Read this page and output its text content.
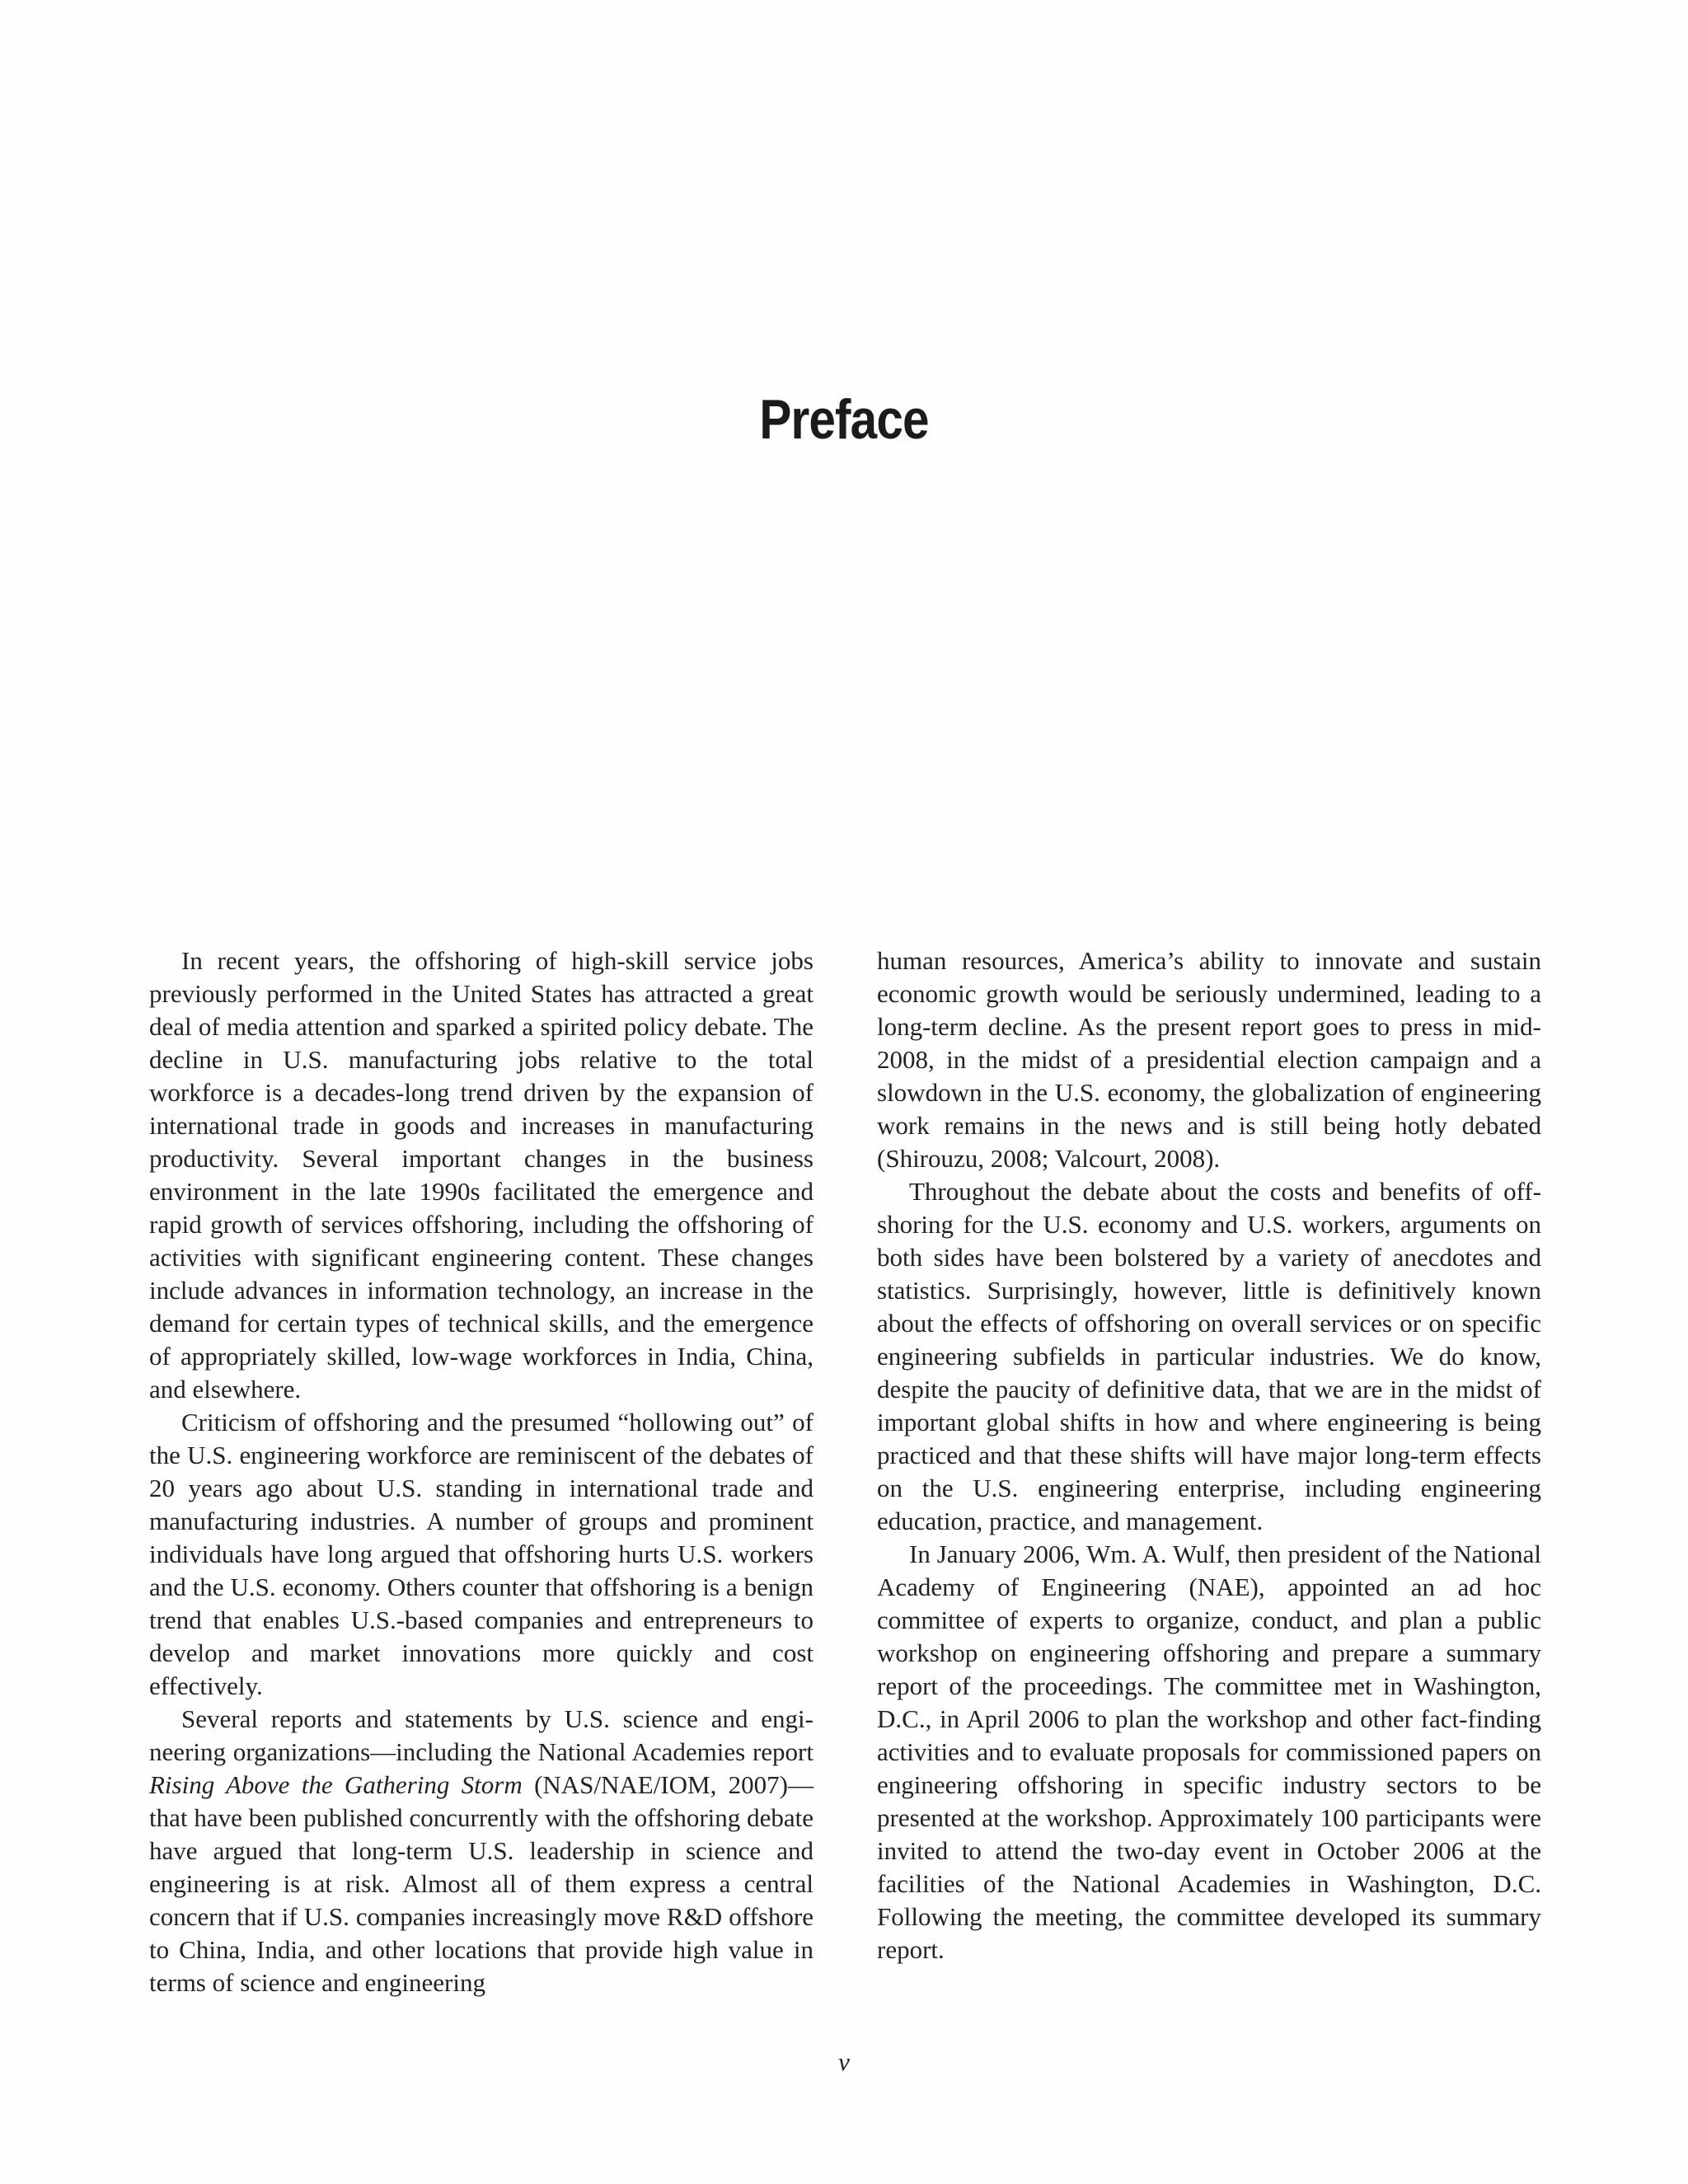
Preface

In recent years, the offshoring of high-skill service jobs previously performed in the United States has attracted a great deal of media attention and sparked a spirited policy debate. The decline in U.S. manufacturing jobs relative to the total workforce is a decades-long trend driven by the expansion of international trade in goods and increases in manufacturing productivity. Several important changes in the business environment in the late 1990s facilitated the emergence and rapid growth of services offshoring, including the offshoring of activities with significant engineering content. These changes include advances in information technology, an increase in the demand for certain types of technical skills, and the emergence of appropriately skilled, low-wage workforces in India, China, and elsewhere.

Criticism of offshoring and the presumed “hollowing out” of the U.S. engineering workforce are reminiscent of the debates of 20 years ago about U.S. standing in international trade and manufacturing industries. A number of groups and prominent individuals have long argued that offshoring hurts U.S. workers and the U.S. economy. Others counter that offshoring is a benign trend that enables U.S.-based companies and entrepreneurs to develop and market innovations more quickly and cost effectively.

Several reports and statements by U.S. science and engineering organizations—including the National Academies report Rising Above the Gathering Storm (NAS/NAE/IOM, 2007)—that have been published concurrently with the offshoring debate have argued that long-term U.S. leadership in science and engineering is at risk. Almost all of them express a central concern that if U.S. companies increasingly move R&D offshore to China, India, and other locations that provide high value in terms of science and engineering

human resources, America’s ability to innovate and sustain economic growth would be seriously undermined, leading to a long-term decline. As the present report goes to press in mid-2008, in the midst of a presidential election campaign and a slowdown in the U.S. economy, the globalization of engineering work remains in the news and is still being hotly debated (Shirouzu, 2008; Valcourt, 2008).

Throughout the debate about the costs and benefits of offshoring for the U.S. economy and U.S. workers, arguments on both sides have been bolstered by a variety of anecdotes and statistics. Surprisingly, however, little is definitively known about the effects of offshoring on overall services or on specific engineering subfields in particular industries. We do know, despite the paucity of definitive data, that we are in the midst of important global shifts in how and where engineering is being practiced and that these shifts will have major long-term effects on the U.S. engineering enterprise, including engineering education, practice, and management.

In January 2006, Wm. A. Wulf, then president of the National Academy of Engineering (NAE), appointed an ad hoc committee of experts to organize, conduct, and plan a public workshop on engineering offshoring and prepare a summary report of the proceedings. The committee met in Washington, D.C., in April 2006 to plan the workshop and other fact-finding activities and to evaluate proposals for commissioned papers on engineering offshoring in specific industry sectors to be presented at the workshop. Approximately 100 participants were invited to attend the two-day event in October 2006 at the facilities of the National Academies in Washington, D.C. Following the meeting, the committee developed its summary report.

v
